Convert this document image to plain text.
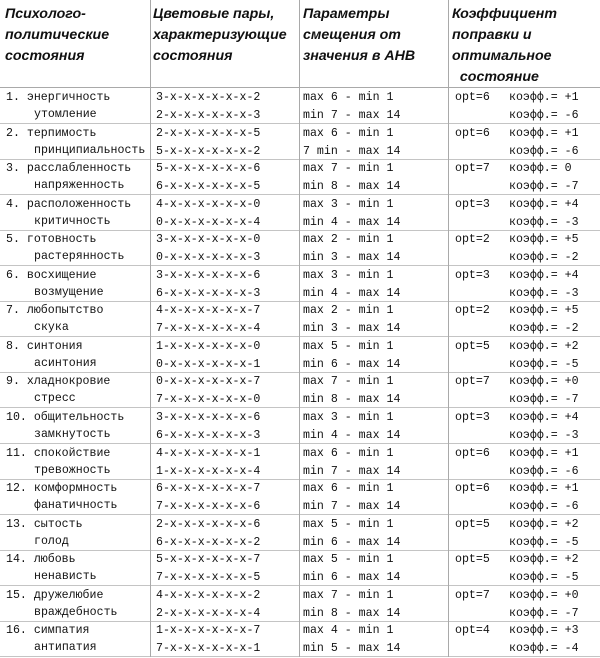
Психолого-
политические
состояния
Цветовые пары,
характеризующие
состояния
Параметры
смещения от
значения в АНВ
Коэффициент
поправки и
оптимальное
состояние
1. энергичность
утомление
3-x-x-x-x-x-x-2
2-x-x-x-x-x-x-3
max 6 - min 1
min 7 - max 14
opt=6 коэфф.= +1
коэфф.= -6
2. терпимость
принципиальность
2-x-x-x-x-x-x-5
5-x-x-x-x-x-x-2
max 6 - min 1
7 min - max 14
opt=6 коэфф.= +1
коэфф.= -6
3. расслабленность
напряженность
5-x-x-x-x-x-x-6
6-x-x-x-x-x-x-5
max 7 - min 1
min 8 - max 14
opt=7 коэфф.= 0
коэфф.= -7
4. расположенность
критичность
4-x-x-x-x-x-x-0
0-x-x-x-x-x-x-4
max 3 - min 1
min 4 - max 14
opt=3 коэфф.= +4
коэфф.= -3
5. готовность
растерянность
3-x-x-x-x-x-x-0
0-x-x-x-x-x-x-3
max 2 - min 1
min 3 - max 14
opt=2 коэфф.= +5
коэфф.= -2
6. восхищение
возмущение
3-x-x-x-x-x-x-6
6-x-x-x-x-x-x-3
max 3 - min 1
min 4 - max 14
opt=3 коэфф.= +4
коэфф.= -3
7. любопытство
скука
4-x-x-x-x-x-x-7
7-x-x-x-x-x-x-4
max 2 - min 1
min 3 - max 14
opt=2 коэфф.= +5
коэфф.= -2
8. синтония
асинтония
1-x-x-x-x-x-x-0
0-x-x-x-x-x-x-1
max 5 - min 1
min 6 - max 14
opt=5 коэфф.= +2
коэфф.= -5
9. хладнокровие
стресс
0-x-x-x-x-x-x-7
7-x-x-x-x-x-x-0
max 7 - min 1
min 8 - max 14
opt=7 коэфф.= +0
коэфф.= -7
10. общительность
замкнутость
3-x-x-x-x-x-x-6
6-x-x-x-x-x-x-3
max 3 - min 1
min 4 - max 14
opt=3 коэфф.= +4
коэфф.= -3
11. спокойствие
тревожность
4-x-x-x-x-x-x-1
1-x-x-x-x-x-x-4
max 6 - min 1
min 7 - max 14
opt=6 коэфф.= +1
коэфф.= -6
12. комформность
фанатичность
6-x-x-x-x-x-x-7
7-x-x-x-x-x-x-6
max 6 - min 1
min 7 - max 14
opt=6 коэфф.= +1
коэфф.= -6
13. сытость
голод
2-x-x-x-x-x-x-6
6-x-x-x-x-x-x-2
max 5 - min 1
min 6 - max 14
opt=5 коэфф.= +2
коэфф.= -5
14. любовь
ненависть
5-x-x-x-x-x-x-7
7-x-x-x-x-x-x-5
max 5 - min 1
min 6 - max 14
opt=5 коэфф.= +2
коэфф.= -5
15. дружелюбие
враждебность
4-x-x-x-x-x-x-2
2-x-x-x-x-x-x-4
max 7 - min 1
min 8 - max 14
opt=7 коэфф.= +0
коэфф.= -7
16. симпатия
антипатия
1-x-x-x-x-x-x-7
7-x-x-x-x-x-x-1
max 4 - min 1
min 5 - max 14
opt=4 коэфф.= +3
коэфф.= -4
